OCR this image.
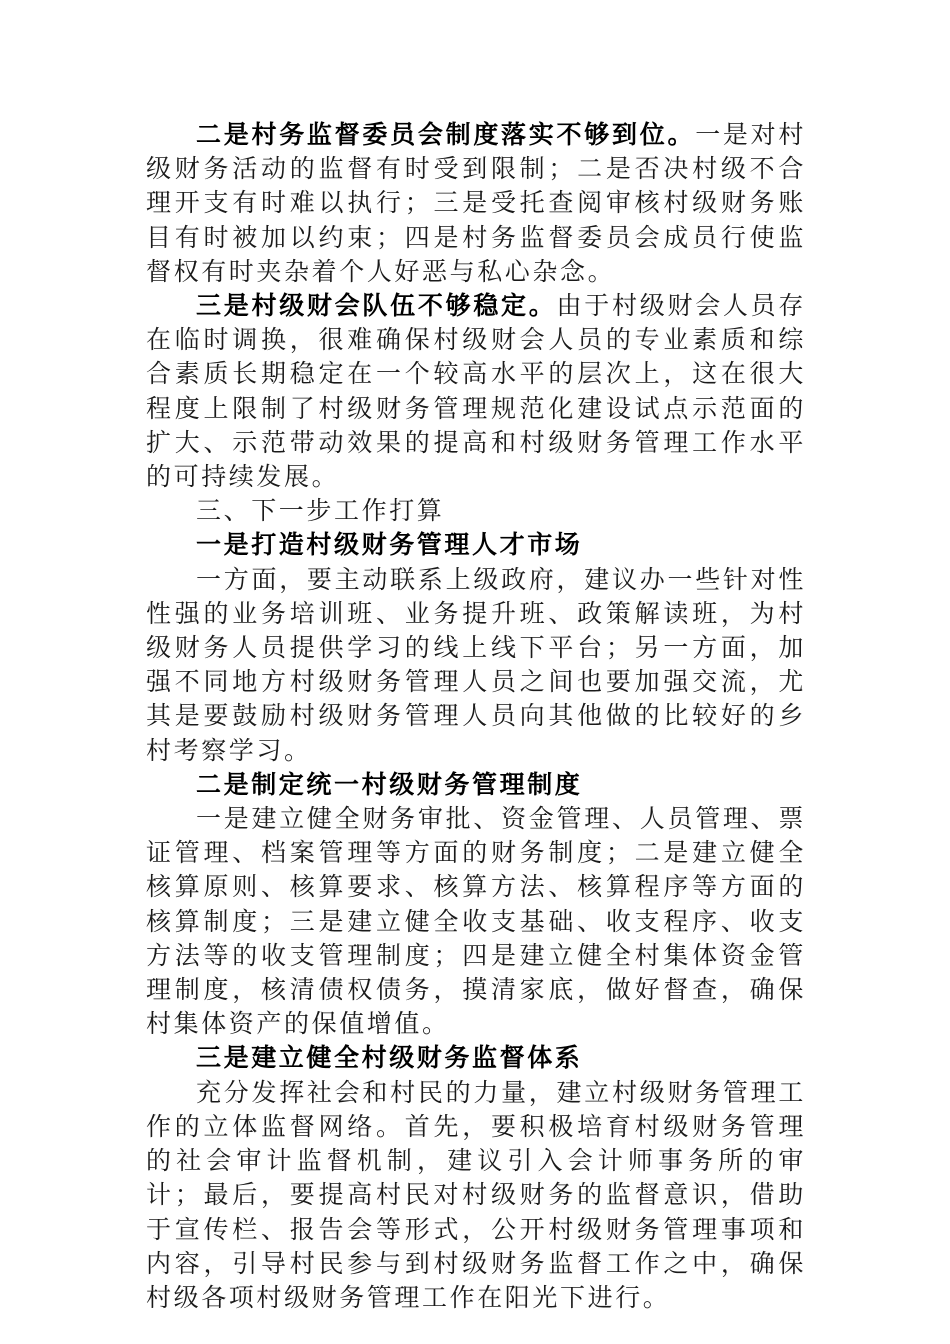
二是村务监督委员会制度落实不够到位。一是对村级财务活动的监督有时受到限制；二是否决村级不合理开支有时难以执行；三是受托查阅审核村级财务账目有时被加以约束；四是村务监督委员会成员行使监督权有时夹杂着个人好恶与私心杂念。

三是村级财会队伍不够稳定。由于村级财会人员存在临时调换，很难确保村级财会人员的专业素质和综合素质长期稳定在一个较高水平的层次上，这在很大程度上限制了村级财务管理规范化建设试点示范面的扩大、示范带动效果的提高和村级财务管理工作水平的可持续发展。

三、下一步工作打算

一是打造村级财务管理人才市场

一方面，要主动联系上级政府，建议办一些针对性性强的业务培训班、业务提升班、政策解读班，为村级财务人员提供学习的线上线下平台；另一方面，加强不同地方村级财务管理人员之间也要加强交流，尤其是要鼓励村级财务管理人员向其他做的比较好的乡村考察学习。

二是制定统一村级财务管理制度

一是建立健全财务审批、资金管理、人员管理、票证管理、档案管理等方面的财务制度；二是建立健全核算原则、核算要求、核算方法、核算程序等方面的核算制度；三是建立健全收支基础、收支程序、收支方法等的收支管理制度；四是建立健全村集体资金管理制度，核清债权债务，摸清家底，做好督查，确保村集体资产的保值增值。

三是建立健全村级财务监督体系

充分发挥社会和村民的力量，建立村级财务管理工作的立体监督网络。首先，要积极培育村级财务管理的社会审计监督机制，建议引入会计师事务所的审计；最后，要提高村民对村级财务的监督意识，借助于宣传栏、报告会等形式，公开村级财务管理事项和内容，引导村民参与到村级财务监督工作之中，确保村级各项村级财务管理工作在阳光下进行。
